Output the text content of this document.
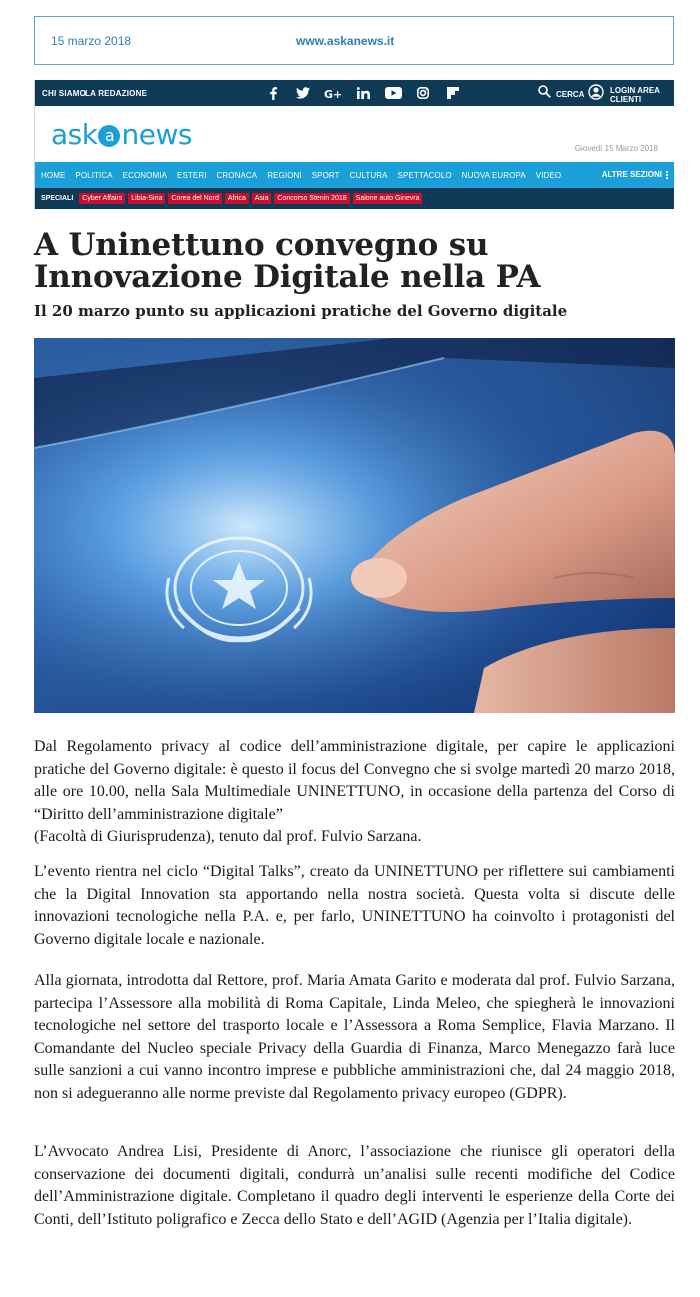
15 marzo 2018	www.askanews.it
CHI SIAMO
LA REDAZIONE	G+	CERCA	LOGIN AREA CLIENTI
ask a news	Giovedì 15 Marzo 2018
HOME	POLITICA	ECONOMIA	ESTERI	CRONACA	REGIONI	SPORT	CULTURA	SPETTACOLO	NUOVA EUROPA	VIDEO	ALTRE SEZIONI
SPECIALI	Cyber Affairs	Libia-Siria	Corea del Nord	Africa	Asia	Concorso Stenin 2018	Salone auto Ginevra
A Uninettuno convegno su
Innovazione Digitale nella PA
Il 20 marzo punto su applicazioni pratiche del Governo digitale
Dal Regolamento privacy al codice dell’amministrazione digitale, per capire le applicazioni pratiche del Governo digitale: è questo il focus del Convegno che si svolge martedì 20 marzo 2018, alle ore 10.00, nella Sala Multimediale UNINETTUNO, in occasione della partenza del Corso di “Diritto dell’amministrazione digitale”
(Facoltà di Giurisprudenza), tenuto dal prof. Fulvio Sarzana.

L’evento rientra nel ciclo “Digital Talks”, creato da UNINETTUNO per riflettere sui cambiamenti che la Digital Innovation sta apportando nella nostra società. Questa volta si discute delle innovazioni tecnologiche nella P.A. e, per farlo, UNINETTUNO ha coinvolto i protagonisti del Governo digitale locale e nazionale.

Alla giornata, introdotta dal Rettore, prof. Maria Amata Garito e moderata dal prof. Fulvio Sarzana, partecipa l’Assessore alla mobilità di Roma Capitale, Linda Meleo, che spiegherà le innovazioni tecnologiche nel settore del trasporto locale e l’Assessora a Roma Semplice, Flavia Marzano. Il Comandante del Nucleo speciale Privacy della Guardia di Finanza, Marco Menegazzo farà luce sulle sanzioni a cui vanno incontro imprese e pubbliche amministrazioni che, dal 24 maggio 2018, non si adegueranno alle norme previste dal Regolamento privacy europeo (GDPR).

L’Avvocato Andrea Lisi, Presidente di Anorc, l’associazione che riunisce gli operatori della conservazione dei documenti digitali, condurrà un’analisi sulle recenti modifiche del Codice dell’Amministrazione digitale. Completano il quadro degli interventi le esperienze della Corte dei Conti, dell’Istituto poligrafico e Zecca dello Stato e dell’AGID (Agenzia per l’Italia digitale).
